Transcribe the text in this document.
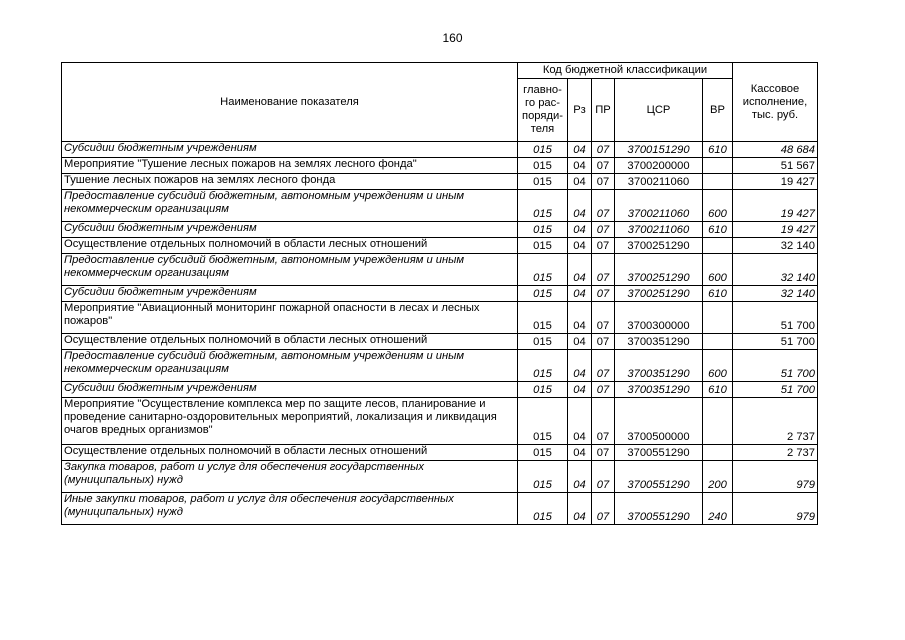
160
Наименование показателя	Код бюджетной классификации					Кассовое
исполнение,
тыс. руб.
	главно-
го рас-
поряди-
теля	Рз	ПР	ЦСР	ВР	
Субсидии бюджетным учреждениям	015	04	07	3700151290	610	48 684
Мероприятие "Тушение лесных пожаров на землях лесного фонда"	015	04	07	3700200000		51 567
Тушение лесных пожаров на землях лесного фонда	015	04	07	3700211060		19 427
Предоставление субсидий бюджетным, автономным учреждениям и иным некоммерческим организациям	015	04	07	3700211060	600	19 427
Субсидии бюджетным учреждениям	015	04	07	3700211060	610	19 427
Осуществление отдельных полномочий в области лесных отношений	015	04	07	3700251290		32 140
Предоставление субсидий бюджетным, автономным учреждениям и иным некоммерческим организациям	015	04	07	3700251290	600	32 140
Субсидии бюджетным учреждениям	015	04	07	3700251290	610	32 140
Мероприятие "Авиационный мониторинг пожарной опасности в лесах и лесных пожаров"	015	04	07	3700300000		51 700
Осуществление отдельных полномочий в области лесных отношений	015	04	07	3700351290		51 700
Предоставление субсидий бюджетным, автономным учреждениям и иным некоммерческим организациям	015	04	07	3700351290	600	51 700
Субсидии бюджетным учреждениям	015	04	07	3700351290	610	51 700
Мероприятие "Осуществление комплекса мер по защите лесов, планирование и проведение санитарно-оздоровительных мероприятий, локализация и ликвидация очагов вредных организмов"	015	04	07	3700500000		2 737
Осуществление отдельных полномочий в области лесных отношений	015	04	07	3700551290		2 737
Закупка товаров, работ и услуг для обеспечения государственных (муниципальных) нужд	015	04	07	3700551290	200	979
Иные закупки товаров, работ и услуг для обеспечения государственных (муниципальных) нужд	015	04	07	3700551290	240	979
